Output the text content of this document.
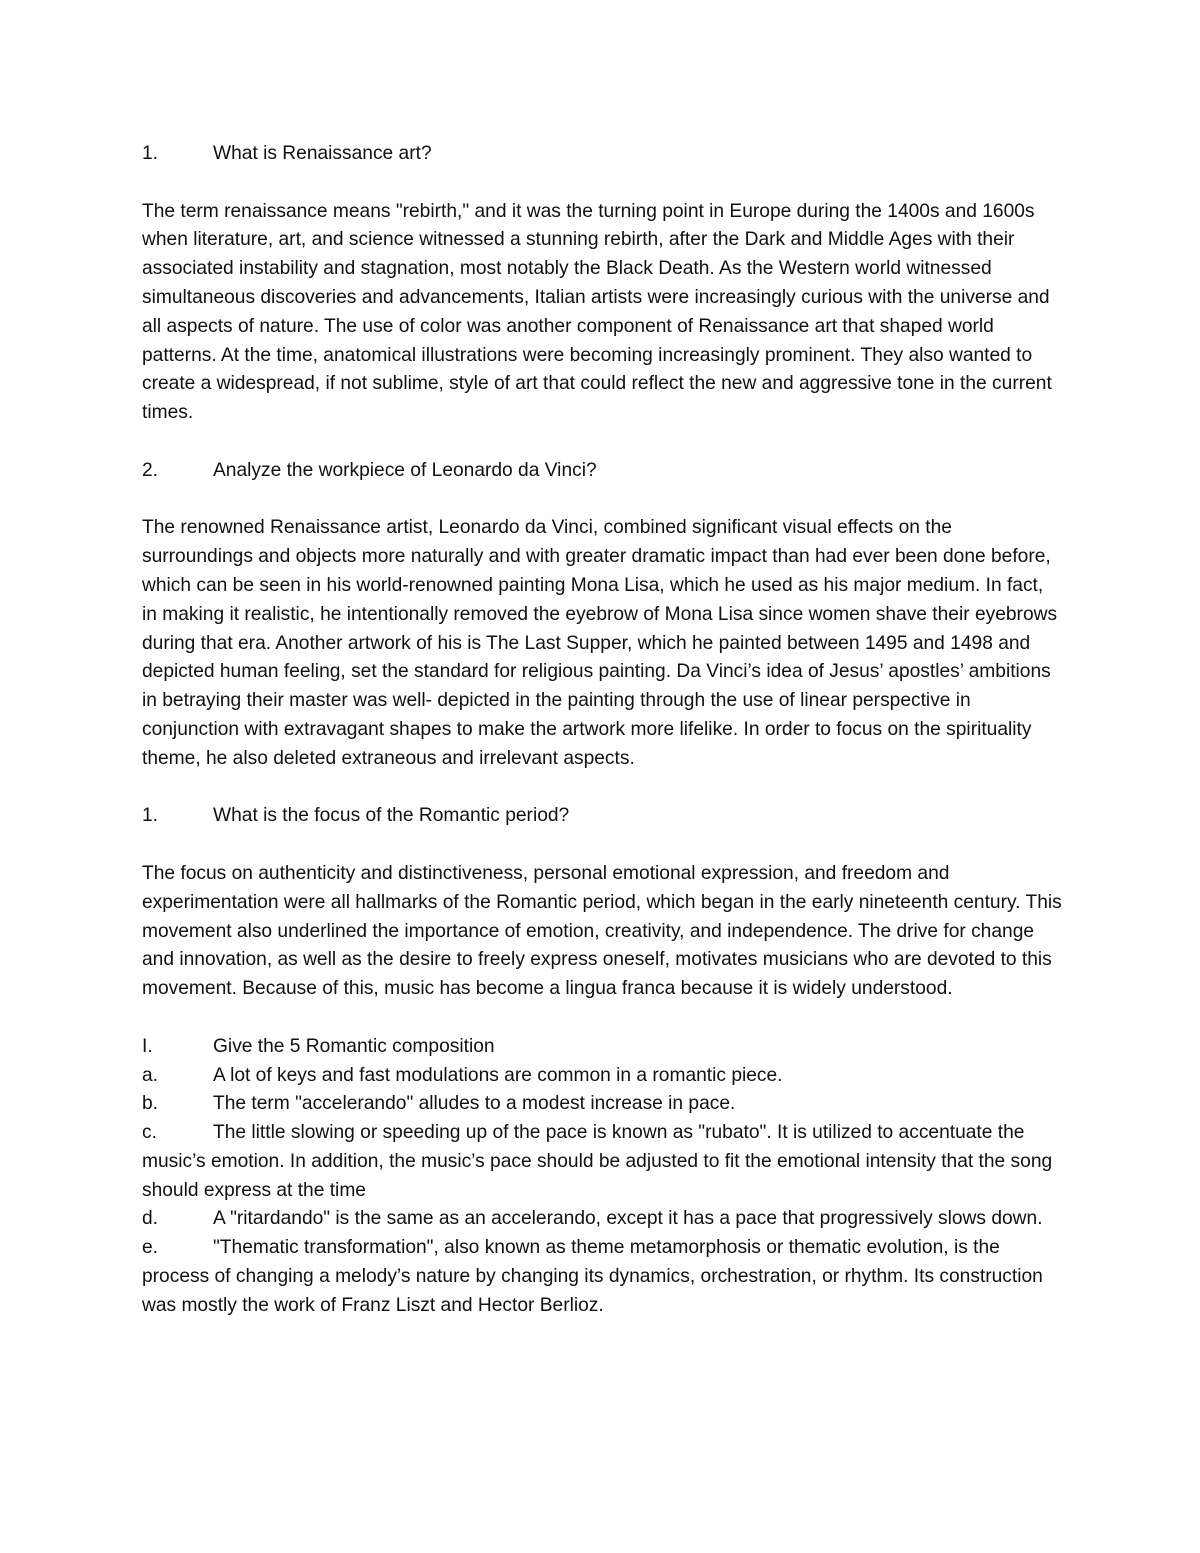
1.	What is Renaissance art?

The term renaissance means "rebirth," and it was the turning point in Europe during the 1400s and 1600s when literature, art, and science witnessed a stunning rebirth, after the Dark and Middle Ages with their associated instability and stagnation, most notably the Black Death. As the Western world witnessed simultaneous discoveries and advancements, Italian artists were increasingly curious with the universe and all aspects of nature. The use of color was another component of Renaissance art that shaped world patterns. At the time, anatomical illustrations were becoming increasingly prominent. They also wanted to create a widespread, if not sublime, style of art that could reflect the new and aggressive tone in the current times.

2.	Analyze the workpiece of Leonardo da Vinci?

The renowned Renaissance artist, Leonardo da Vinci, combined significant visual effects on the surroundings and objects more naturally and with greater dramatic impact than had ever been done before, which can be seen in his world-renowned painting Mona Lisa, which he used as his major medium. In fact, in making it realistic, he intentionally removed the eyebrow of Mona Lisa since women shave their eyebrows during that era. Another artwork of his is The Last Supper, which he painted between 1495 and 1498 and depicted human feeling, set the standard for religious painting. Da Vinci’s idea of Jesus’ apostles’ ambitions in betraying their master was well- depicted in the painting through the use of linear perspective in conjunction with extravagant shapes to make the artwork more lifelike. In order to focus on the spirituality theme, he also deleted extraneous and irrelevant aspects.

1.	What is the focus of the Romantic period?

The focus on authenticity and distinctiveness, personal emotional expression, and freedom and experimentation were all hallmarks of the Romantic period, which began in the early nineteenth century. This movement also underlined the importance of emotion, creativity, and independence. The drive for change and innovation, as well as the desire to freely express oneself, motivates musicians who are devoted to this movement. Because of this, music has become a lingua franca because it is widely understood.

I.	Give the 5 Romantic composition

a.	A lot of keys and fast modulations are common in a romantic piece.

b.	The term "accelerando" alludes to a modest increase in pace.

c.	The little slowing or speeding up of the pace is known as "rubato". It is utilized to accentuate the music’s emotion. In addition, the music’s pace should be adjusted to fit the emotional intensity that the song should express at the time

d.	A "ritardando" is the same as an accelerando, except it has a pace that progressively slows down.

e.	"Thematic transformation", also known as theme metamorphosis or thematic evolution, is the process of changing a melody’s nature by changing its dynamics, orchestration, or rhythm. Its construction was mostly the work of Franz Liszt and Hector Berlioz.
